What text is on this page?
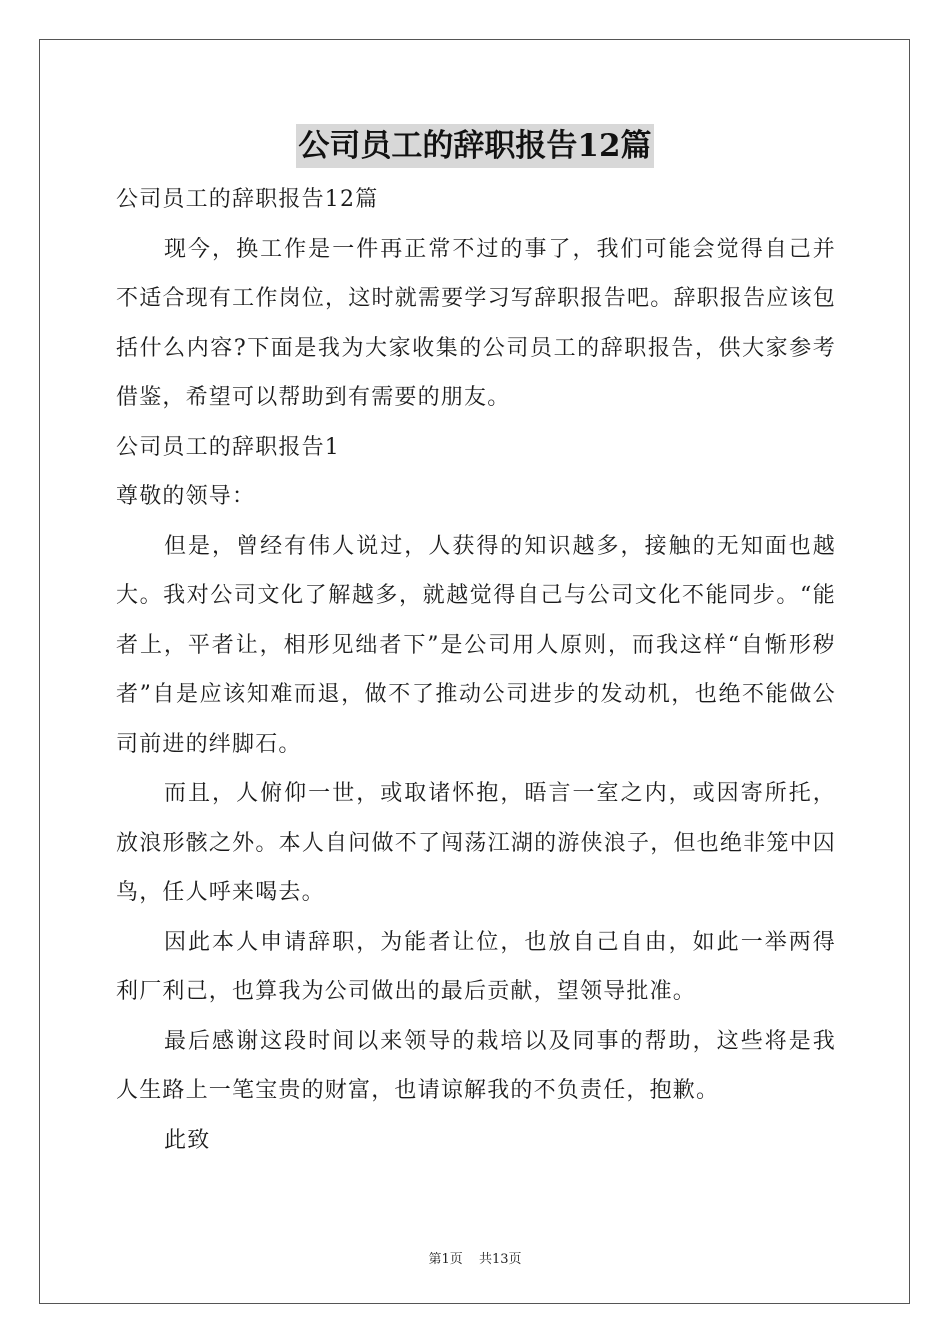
公司员工的辞职报告12篇

公司员工的辞职报告12篇

现今，换工作是一件再正常不过的事了，我们可能会觉得自己并不适合现有工作岗位，这时就需要学习写辞职报告吧。辞职报告应该包括什么内容?下面是我为大家收集的公司员工的辞职报告，供大家参考借鉴，希望可以帮助到有需要的朋友。

公司员工的辞职报告1

尊敬的领导：

但是，曾经有伟人说过，人获得的知识越多，接触的无知面也越大。我对公司文化了解越多，就越觉得自己与公司文化不能同步。“能者上，平者让，相形见绌者下”是公司用人原则，而我这样“自惭形秽者”自是应该知难而退，做不了推动公司进步的发动机，也绝不能做公司前进的绊脚石。

而且，人俯仰一世，或取诸怀抱，晤言一室之内，或因寄所托，放浪形骸之外。本人自问做不了闯荡江湖的游侠浪子，但也绝非笼中囚鸟，任人呼来喝去。

因此本人申请辞职，为能者让位，也放自己自由，如此一举两得利厂利己，也算我为公司做出的最后贡献，望领导批准。

最后感谢这段时间以来领导的栽培以及同事的帮助，这些将是我人生路上一笔宝贵的财富，也请谅解我的不负责任，抱歉。

此致

第1页 共13页
